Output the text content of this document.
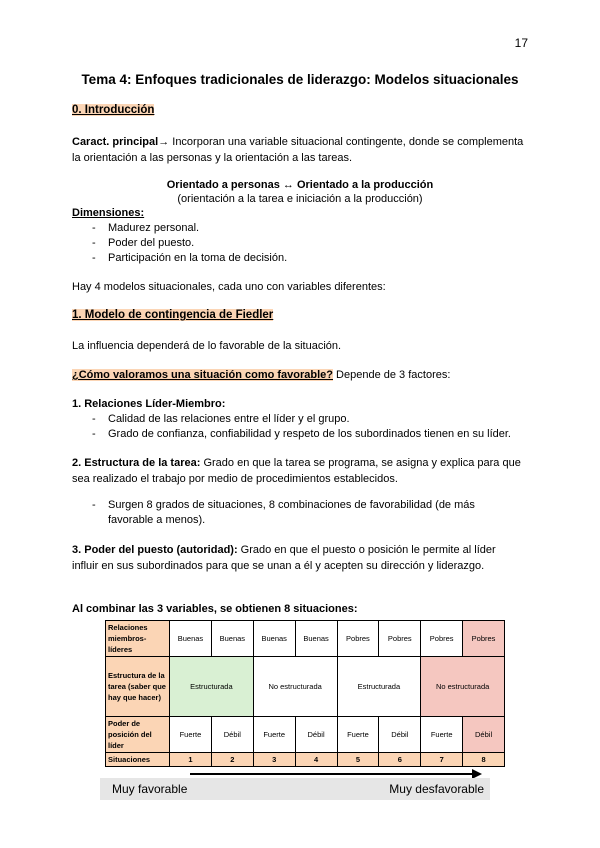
17
Tema 4: Enfoques tradicionales de liderazgo: Modelos situacionales
0. Introducción
Caract. principal→ Incorporan una variable situacional contingente, donde se complementa
la orientación a las personas y la orientación a las tareas.
Orientado a personas ↔ Orientado a la producción
(orientación a la tarea e iniciación a la producción)
Dimensiones:
- Madurez personal.
- Poder del puesto.
- Participación en la toma de decisión.
Hay 4 modelos situacionales, cada uno con variables diferentes:
1. Modelo de contingencia de Fiedler
La influencia dependerá de lo favorable de la situación.
¿Cómo valoramos una situación como favorable? Depende de 3 factores:
1. Relaciones Líder-Miembro:
- Calidad de las relaciones entre el líder y el grupo.
- Grado de confianza, confiabilidad y respeto de los subordinados tienen en su líder.
2. Estructura de la tarea: Grado en que la tarea se programa, se asigna y explica para que
sea realizado el trabajo por medio de procedimientos establecidos.
- Surgen 8 grados de situaciones, 8 combinaciones de favorabilidad (de más
favorable a menos).
3. Poder del puesto (autoridad): Grado en que el puesto o posición le permite al líder
influir en sus subordinados para que se unan a él y acepten su dirección y liderazgo.
Al combinar las 3 variables, se obtienen 8 situaciones:
Relaciones miembros-líderes	Buenas	Buenas	Buenas	Buenas	Pobres	Pobres	Pobres	Pobres
Estructura de la tarea (saber que hay que hacer)	Estructurada		No estructurada		Estructurada		No estructurada	
Poder de posición del líder	Fuerte	Débil	Fuerte	Débil	Fuerte	Débil	Fuerte	Débil
Situaciones	1	2	3	4	5	6	7	8
Muy favorable	Muy desfavorable
